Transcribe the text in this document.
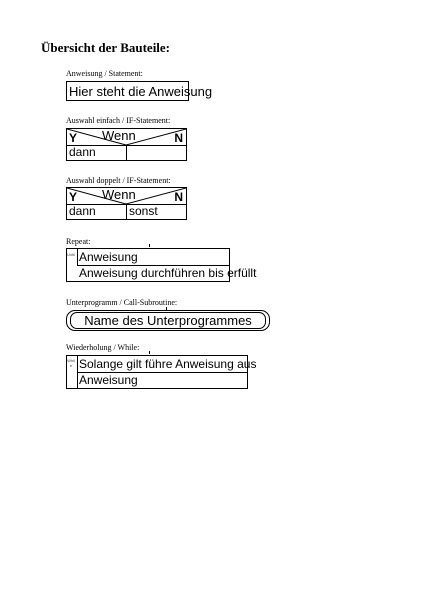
Übersicht der Bauteile:
Anweisung / Statement:
Hier steht die Anweisung
Auswahl einfach / IF-Statement:
Y	N
Wenn
dann
Auswahl doppelt / IF-Statement:
Y	N
Wenn
dann	sonst
Repeat:
Until Anweisung
Anweisung durchführen bis erfüllt
Unterprogramm / Call-Subroutine:
Name des Unterprogrammes
Wiederholung / While:
While Solange gilt führe Anweisung aus
Anweisung
